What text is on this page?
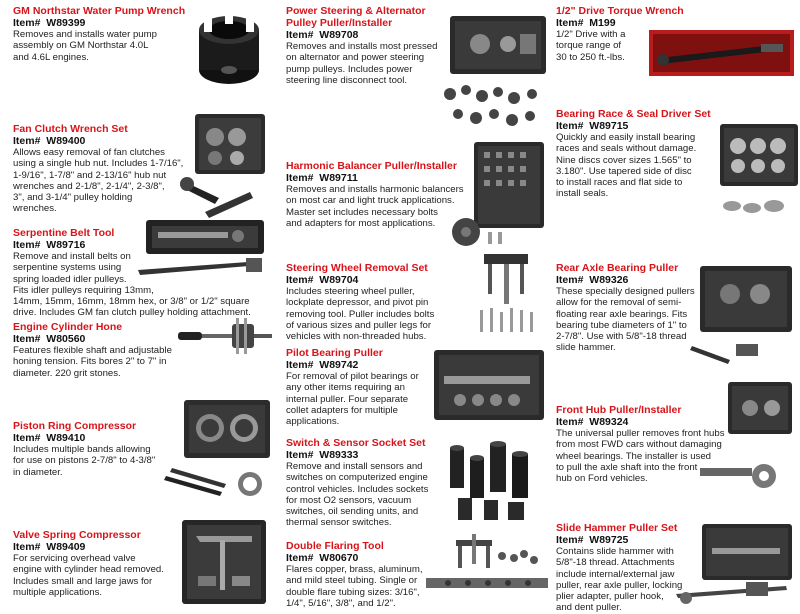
GM Northstar Water Pump Wrench
Item# W89399
Removes and installs water pump
assembly on GM Northstar 4.0L
and 4.6L engines.
Fan Clutch Wrench Set
Item# W89400
Allows easy removal of fan clutches
using a single hub nut. Includes 1-7/16",
1-9/16", 1-7/8" and 2-13/16" hub nut
wrenches and 2-1/8", 2-1/4", 2-3/8",
3", and 3-1/4" pulley holding
wrenches.
Serpentine Belt Tool
Item# W89716
Remove and install belts on
serpentine systems using
spring loaded idler pulleys.
Fits idler pulleys requiring 13mm,
14mm, 15mm, 16mm, 18mm hex, or 3/8" or 1/2" square
drive. Includes GM fan clutch pulley holding attachment.
Engine Cylinder Hone
Item# W80560
Features flexible shaft and adjustable
honing tension. Fits bores 2" to 7" in
diameter. 220 grit stones.
Piston Ring Compressor
Item# W89410
Includes multiple bands allowing
for use on pistons 2-7/8" to 4-3/8"
in diameter.
Valve Spring Compressor
Item# W89409
For servicing overhead valve
engine with cylinder head removed.
Includes small and large jaws for
multiple applications.
Power Steering & Alternator
Pulley Puller/Installer
Item# W89708
Removes and installs most pressed
on alternator and power steering
pump pulleys. Includes power
steering line disconnect tool.
Harmonic Balancer Puller/Installer
Item# W89711
Removes and installs harmonic balancers
on most car and light truck applications.
Master set includes necessary bolts
and adapters for most applications.
Steering Wheel Removal Set
Item# W89704
Includes steering wheel puller,
lockplate depressor, and pivot pin
removing tool. Puller includes bolts
of various sizes and puller legs for
vehicles with non-threaded hubs.
Pilot Bearing Puller
Item# W89742
For removal of pilot bearings or
any other items requiring an
internal puller. Four separate
collet adapters for multiple
applications.
Switch & Sensor Socket Set
Item# W89333
Remove and install sensors and
switches on computerized engine
control vehicles. Includes sockets
for most O2 sensors, vacuum
switches, oil sending units, and
thermal sensor switches.
Double Flaring Tool
Item# W80670
Flares copper, brass, aluminum,
and mild steel tubing. Single or
double flare tubing sizes: 3/16",
1/4", 5/16", 3/8", and 1/2".
1/2" Drive Torque Wrench
Item# M199
1/2" Drive with a
torque range of
30 to 250 ft.-lbs.
Bearing Race & Seal Driver Set
Item# W89715
Quickly and easily install bearing
races and seals without damage.
Nine discs cover sizes 1.565" to
3.180". Use tapered side of disc
to install races and flat side to
install seals.
Rear Axle Bearing Puller
Item# W89326
These specially designed pullers
allow for the removal of semi-
floating rear axle bearings. Fits
bearing tube diameters of 1" to
2-7/8". Use with 5/8"-18 thread
slide hammer.
Front Hub Puller/Installer
Item# W89324
The universal puller removes front hubs
from most FWD cars without damaging
wheel bearings. The installer is used
to pull the axle shaft into the front
hub on Ford vehicles.
Slide Hammer Puller Set
Item# W89725
Contains slide hammer with
5/8"-18 thread. Attachments
include internal/external jaw
puller, rear axle puller, locking
plier adapter, puller hook,
and dent puller.
